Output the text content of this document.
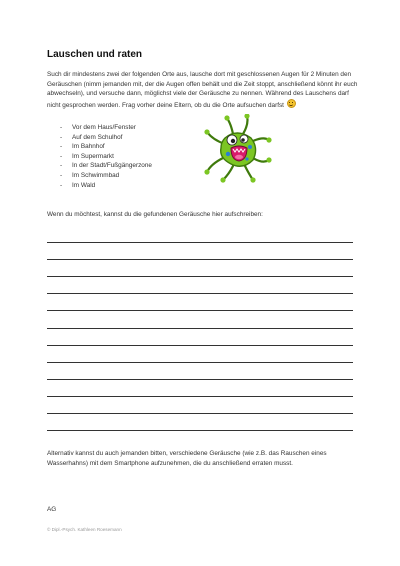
Lauschen und raten
Such dir mindestens zwei der folgenden Orte aus, lausche dort mit geschlossenen Augen für 2 Minuten den Geräuschen (nimm jemanden mit, der die Augen offen behält und die Zeit stoppt, anschließend könnt ihr euch abwechseln), und versuche dann, möglichst viele der Geräusche zu nennen. Während des Lauschens darf nicht gesprochen werden. Frag vorher deine Eltern, ob du die Orte aufsuchen darfst
- Vor dem Haus/Fenster
- Auf dem Schulhof
- Im Bahnhof
- Im Supermarkt
- In der Stadt/Fußgängerzone
- Im Schwimmbad
- Im Wald
Wenn du möchtest, kannst du die gefundenen Geräusche hier aufschreiben:
Alternativ kannst du auch jemanden bitten, verschiedene Geräusche (wie z.B. das Rauschen eines Wasserhahns) mit dem Smartphone aufzunehmen, die du anschließend erraten musst.
AG
© Dipl.-Psych. Kathleen Roesemann
